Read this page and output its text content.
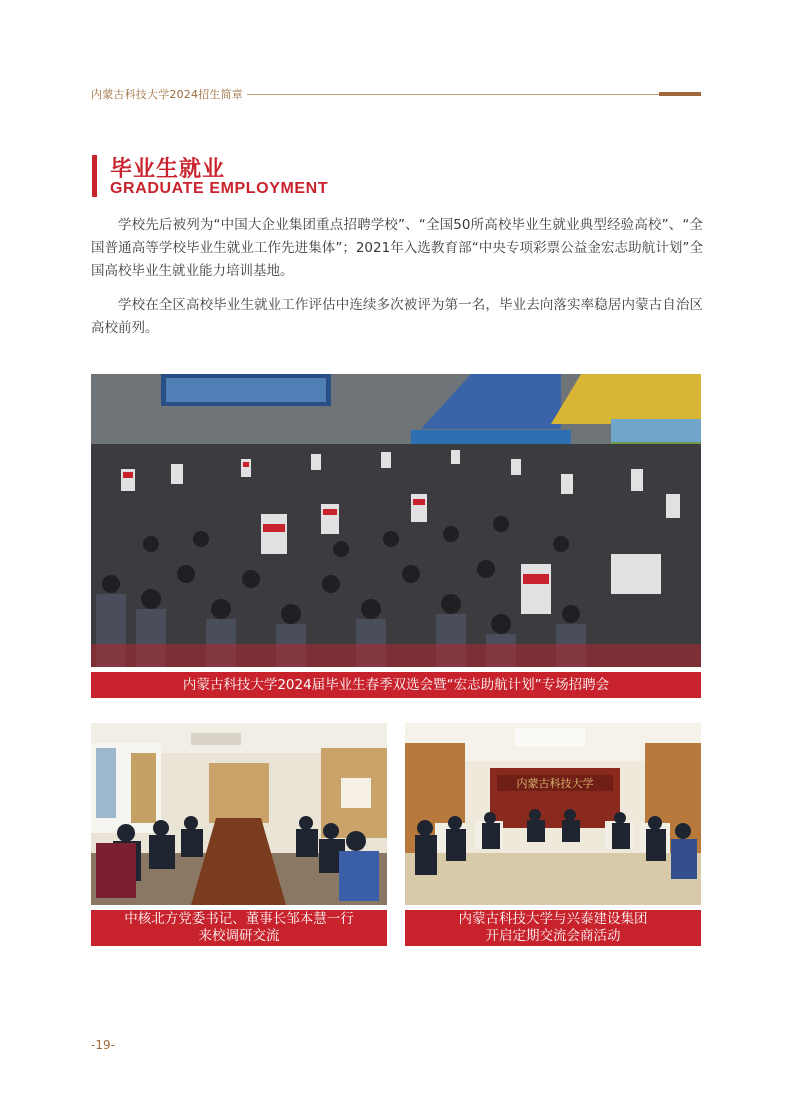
内蒙古科技大学2024招生简章
毕业生就业
GRADUATE EMPLOYMENT

学校先后被列为“中国大企业集团重点招聘学校”、“全国50所高校毕业生就业典型经验高校”、“全国普通高等学校毕业生就业工作先进集体”；2021年入选教育部“中央专项彩票公益金宏志助航计划”全国高校毕业生就业能力培训基地。

学校在全区高校毕业生就业工作评估中连续多次被评为第一名，毕业去向落实率稳居内蒙古自治区高校前列。

内蒙古科技大学2024届毕业生春季双选会暨“宏志助航计划”专场招聘会
中核北方党委书记、董事长邹本慧一行
来校调研交流
内蒙古科技大学
内蒙古科技大学与兴泰建设集团
开启定期交流会商活动
-19-
